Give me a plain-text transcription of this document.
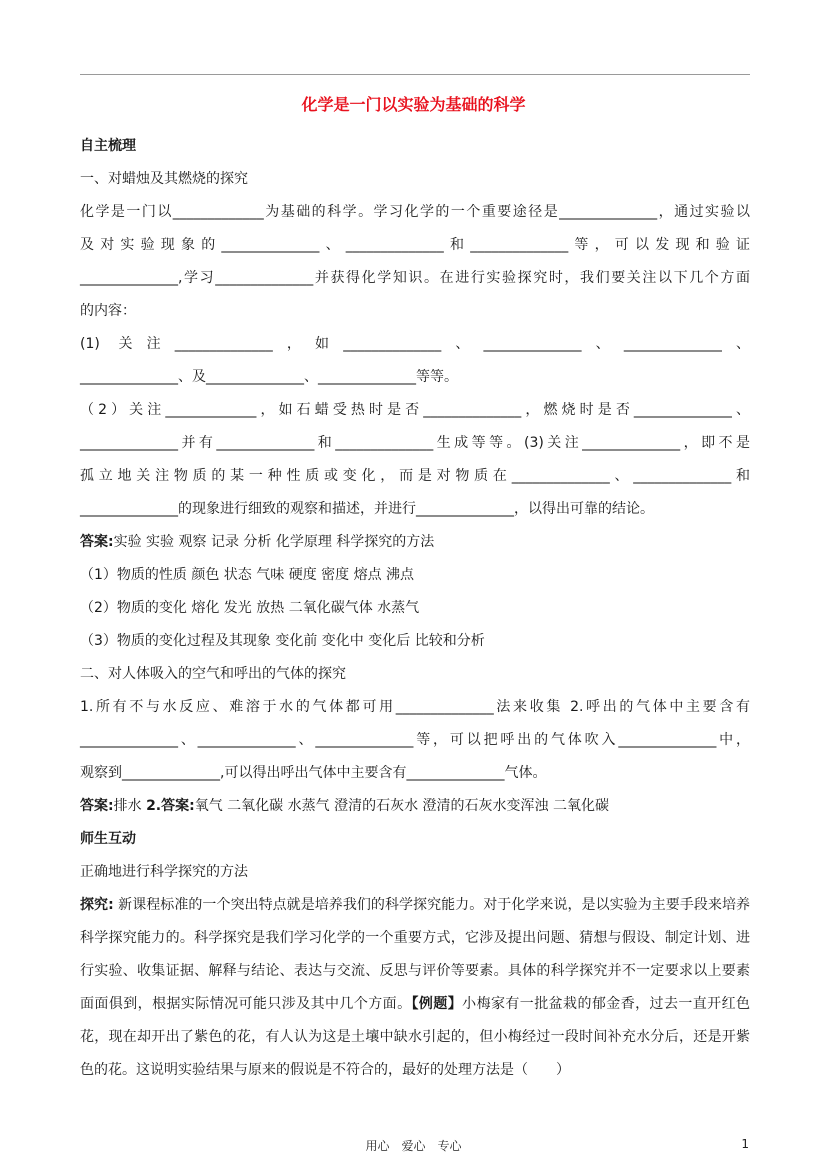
化学是一门以实验为基础的科学
自主梳理
一、对蜡烛及其燃烧的探究
化学是一门以_____________为基础的科学。学习化学的一个重要途径是______________，通过实验以
及对实验现象的______________、______________和______________等，可以发现和验证
______________,学习______________并获得化学知识。在进行实验探究时，我们要关注以下几个方面
的内容：
(1) 关注______________，如______________、______________、______________、
______________、及______________、______________等等。
（2）关注_____________，如石蜡受热时是否______________，燃烧时是否______________、
______________并有______________和______________生成等等。(3)关注______________，即不是
孤立地关注物质的某一种性质或变化，而是对物质在______________、______________和
______________的现象进行细致的观察和描述，并进行______________，以得出可靠的结论。
答案:实验 实验 观察 记录 分析 化学原理 科学探究的方法
（1）物质的性质 颜色 状态 气味 硬度 密度 熔点 沸点
（2）物质的变化 熔化 发光 放热 二氧化碳气体 水蒸气
（3）物质的变化过程及其现象 变化前 变化中 变化后 比较和分析
二、对人体吸入的空气和呼出的气体的探究
1.所有不与水反应、难溶于水的气体都可用______________法来收集 2.呼出的气体中主要含有
______________、______________、______________等，可以把呼出的气体吹入______________中，
观察到______________,可以得出呼出气体中主要含有______________气体。
答案:排水 2.答案:氧气 二氧化碳 水蒸气 澄清的石灰水 澄清的石灰水变浑浊 二氧化碳
师生互动
正确地进行科学探究的方法
探究: 新课程标准的一个突出特点就是培养我们的科学探究能力。对于化学来说，是以实验为主要手段来培养科学探究能力的。科学探究是我们学习化学的一个重要方式，它涉及提出问题、猜想与假设、制定计划、进行实验、收集证据、解释与结论、表达与交流、反思与评价等要素。具体的科学探究并不一定要求以上要素面面俱到，根据实际情况可能只涉及其中几个方面。【例题】小梅家有一批盆栽的郁金香，过去一直开红色花，现在却开出了紫色的花，有人认为这是土壤中缺水引起的，但小梅经过一段时间补充水分后，还是开紫色的花。这说明实验结果与原来的假说是不符合的，最好的处理方法是（　　）
用心　爱心　专心	1
